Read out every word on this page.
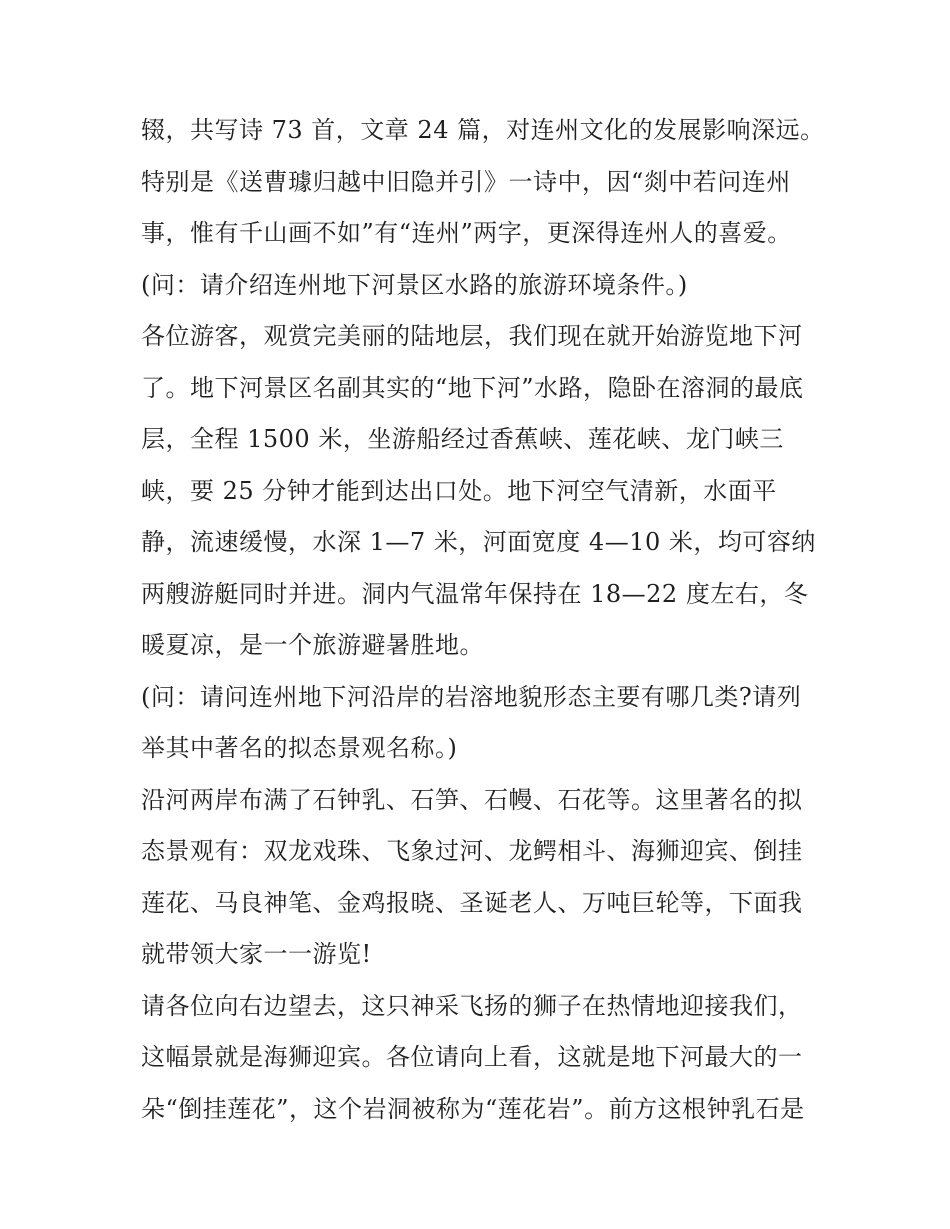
辍，共写诗 73 首，文章 24 篇，对连州文化的发展影响深远。
特别是《送曹璩归越中旧隐并引》一诗中，因“剡中若问连州
事，惟有千山画不如”有“连州”两字，更深得连州人的喜爱。
(问：请介绍连州地下河景区水路的旅游环境条件。)
各位游客，观赏完美丽的陆地层，我们现在就开始游览地下河
了。地下河景区名副其实的“地下河”水路，隐卧在溶洞的最底
层，全程 1500 米，坐游船经过香蕉峡、莲花峡、龙门峡三
峡，要 25 分钟才能到达出口处。地下河空气清新，水面平
静，流速缓慢，水深 1—7 米，河面宽度 4—10 米，均可容纳
两艘游艇同时并进。洞内气温常年保持在 18—22 度左右，冬
暖夏凉，是一个旅游避暑胜地。
(问：请问连州地下河沿岸的岩溶地貌形态主要有哪几类?请列
举其中著名的拟态景观名称。)
沿河两岸布满了石钟乳、石笋、石幔、石花等。这里著名的拟
态景观有：双龙戏珠、飞象过河、龙鳄相斗、海狮迎宾、倒挂
莲花、马良神笔、金鸡报晓、圣诞老人、万吨巨轮等，下面我
就带领大家一一游览!
请各位向右边望去，这只神采飞扬的狮子在热情地迎接我们，
这幅景就是海狮迎宾。各位请向上看，这就是地下河最大的一
朵“倒挂莲花”，这个岩洞被称为“莲花岩”。前方这根钟乳石是
